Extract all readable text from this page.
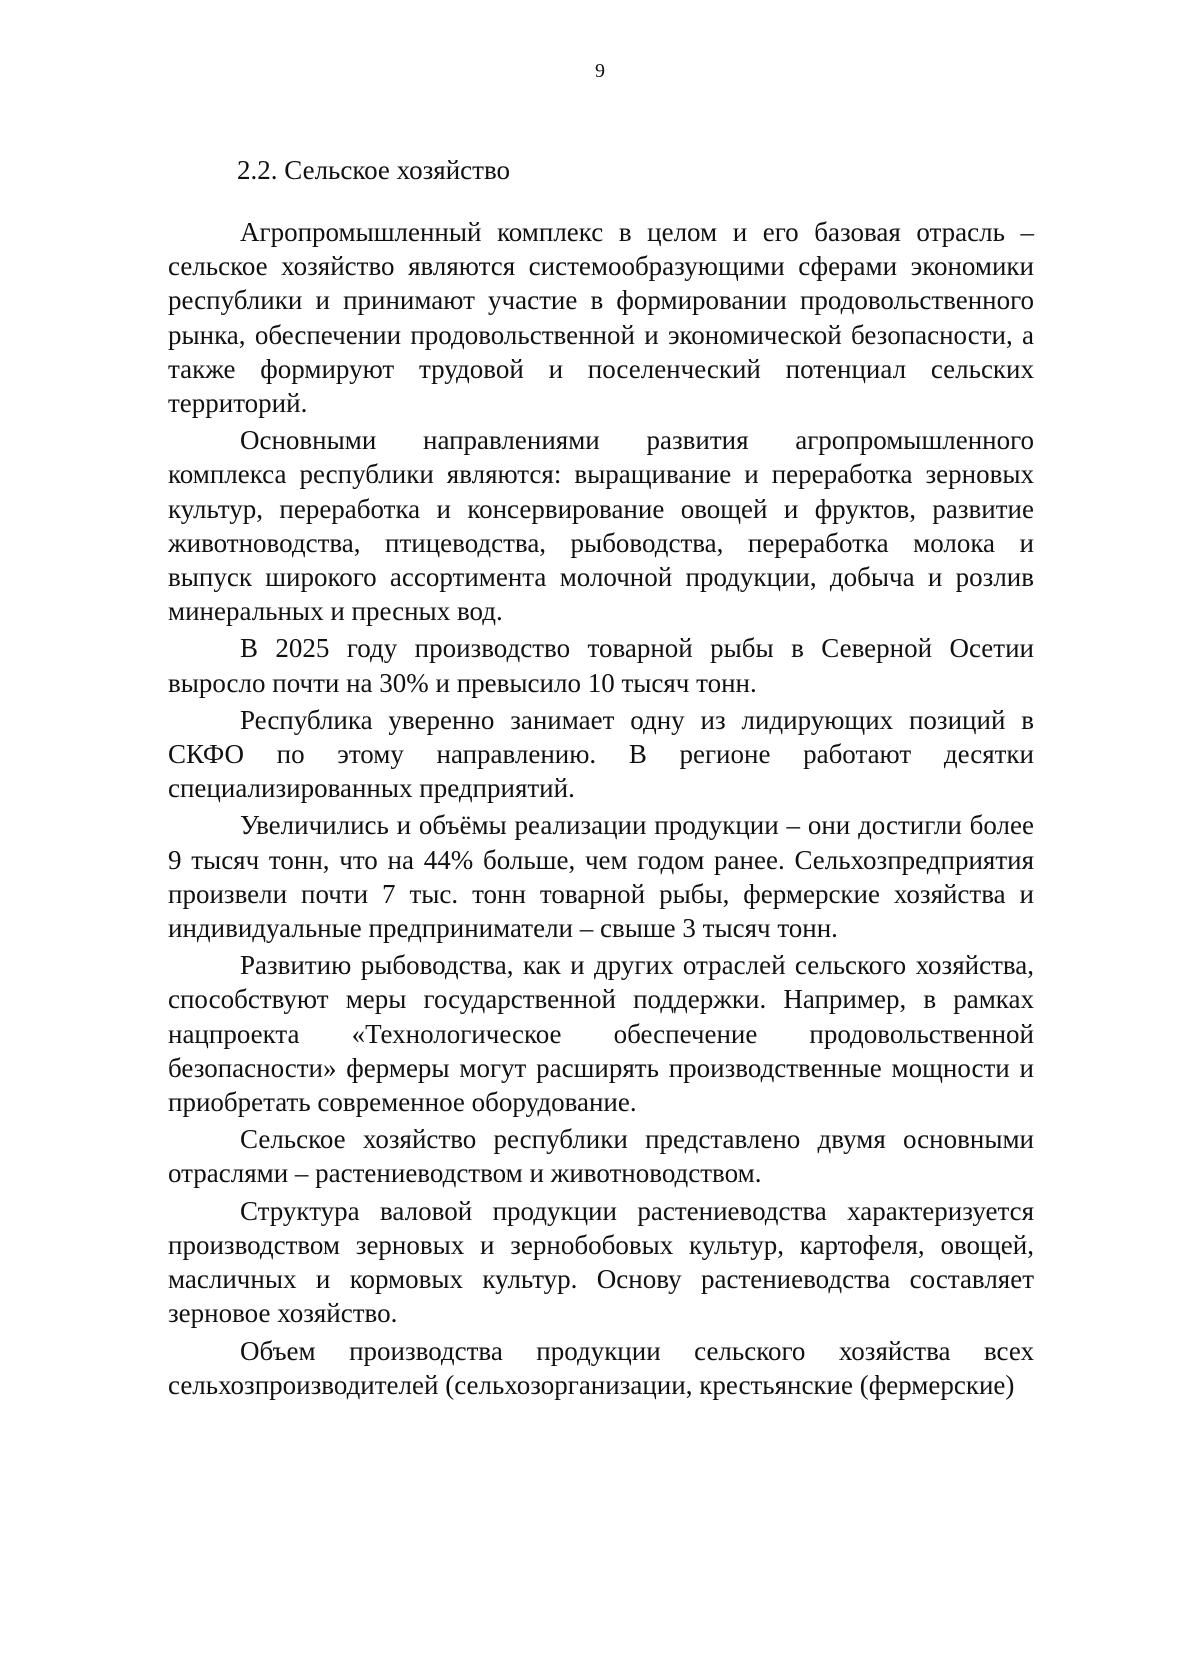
9
2.2. Сельское хозяйство

Агропромышленный комплекс в целом и его базовая отрасль – сельское хозяйство являются системообразующими сферами экономики республики и принимают участие в формировании продовольственного рынка, обеспечении продовольственной и экономической безопасности, а также формируют трудовой и поселенческий потенциал сельских территорий.

Основными направлениями развития агропромышленного комплекса республики являются: выращивание и переработка зерновых культур, переработка и консервирование овощей и фруктов, развитие животноводства, птицеводства, рыбоводства, переработка молока и выпуск широкого ассортимента молочной продукции, добыча и розлив минеральных и пресных вод.

В 2025 году производство товарной рыбы в Северной Осетии выросло почти на 30% и превысило 10 тысяч тонн.

Республика уверенно занимает одну из лидирующих позиций в СКФО по этому направлению. В регионе работают десятки специализированных предприятий.

Увеличились и объёмы реализации продукции – они достигли более 9 тысяч тонн, что на 44% больше, чем годом ранее. Сельхозпредприятия произвели почти 7 тыс. тонн товарной рыбы, фермерские хозяйства и индивидуальные предприниматели – свыше 3 тысяч тонн.

Развитию рыбоводства, как и других отраслей сельского хозяйства, способствуют меры государственной поддержки. Например, в рамках нацпроекта «Технологическое обеспечение продовольственной безопасности» фермеры могут расширять производственные мощности и приобретать современное оборудование.

Сельское хозяйство республики представлено двумя основными отраслями – растениеводством и животноводством.

Структура валовой продукции растениеводства характеризуется производством зерновых и зернобобовых культур, картофеля, овощей, масличных и кормовых культур. Основу растениеводства составляет зерновое хозяйство.

Объем производства продукции сельского хозяйства всех сельхозпроизводителей (сельхозорганизации, крестьянские (фермерские)
